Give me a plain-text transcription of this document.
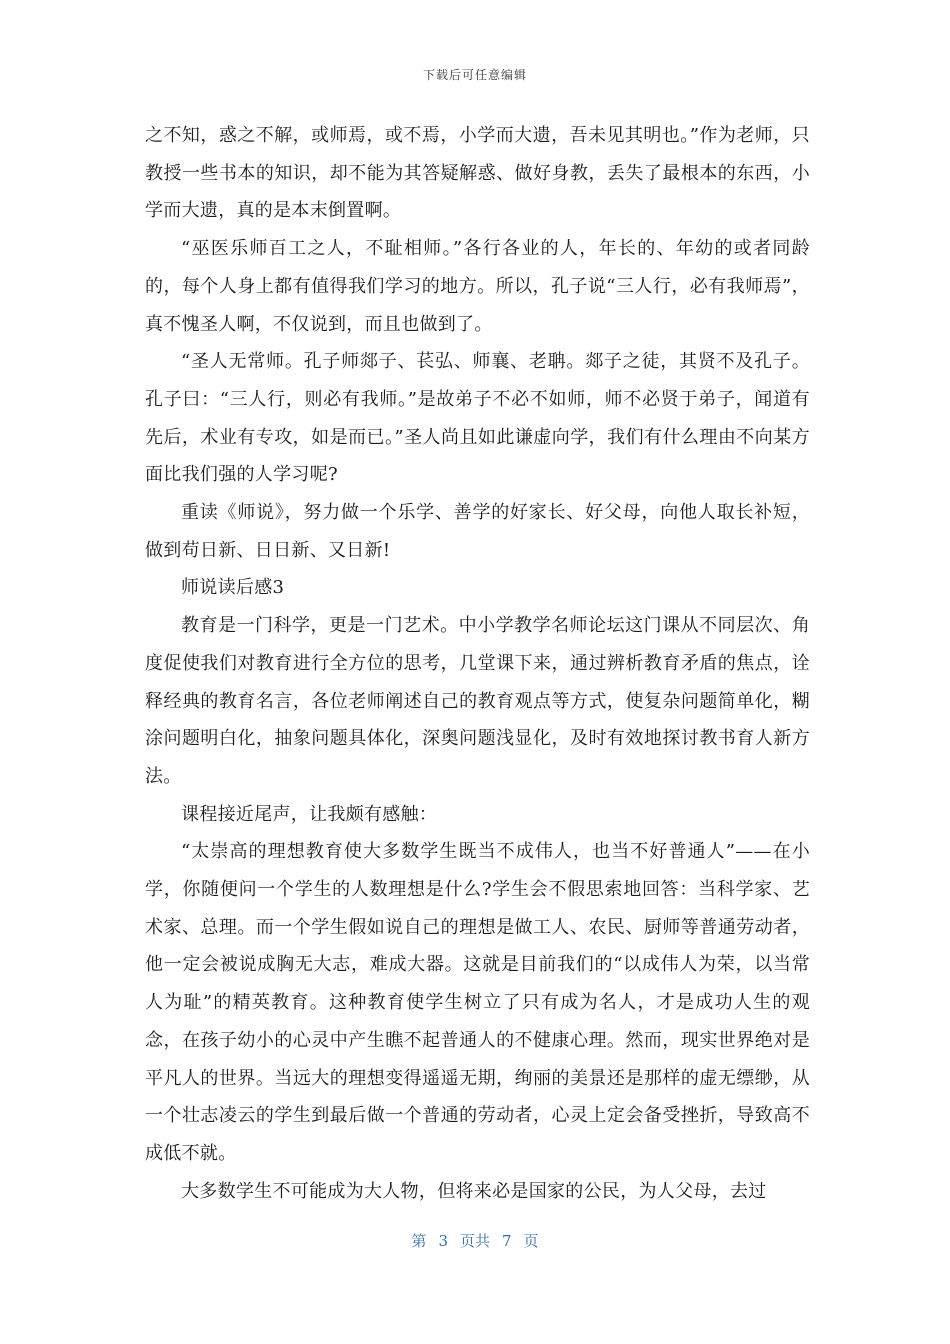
下载后可任意编辑

之不知，惑之不解，或师焉，或不焉，小学而大遗，吾未见其明也。”作为老师，只教授一些书本的知识，却不能为其答疑解惑、做好身教，丢失了最根本的东西，小学而大遗，真的是本末倒置啊。

“巫医乐师百工之人，不耻相师。”各行各业的人，年长的、年幼的或者同龄的，每个人身上都有值得我们学习的地方。所以，孔子说“三人行，必有我师焉”，真不愧圣人啊，不仅说到，而且也做到了。

“圣人无常师。孔子师郯子、苌弘、师襄、老聃。郯子之徒，其贤不及孔子。孔子曰：“三人行，则必有我师。”是故弟子不必不如师，师不必贤于弟子，闻道有先后，术业有专攻，如是而已。”圣人尚且如此谦虚向学，我们有什么理由不向某方面比我们强的人学习呢?

重读《师说》，努力做一个乐学、善学的好家长、好父母，向他人取长补短，做到苟日新、日日新、又日新!

师说读后感3

教育是一门科学，更是一门艺术。中小学教学名师论坛这门课从不同层次、角度促使我们对教育进行全方位的思考，几堂课下来，通过辨析教育矛盾的焦点，诠释经典的教育名言，各位老师阐述自己的教育观点等方式，使复杂问题简单化，糊涂问题明白化，抽象问题具体化，深奥问题浅显化，及时有效地探讨教书育人新方法。

课程接近尾声，让我颇有感触：

“太崇高的理想教育使大多数学生既当不成伟人，也当不好普通人”——在小学，你随便问一个学生的人数理想是什么?学生会不假思索地回答：当科学家、艺术家、总理。而一个学生假如说自己的理想是做工人、农民、厨师等普通劳动者，他一定会被说成胸无大志，难成大器。这就是目前我们的“以成伟人为荣，以当常人为耻”的精英教育。这种教育使学生树立了只有成为名人，才是成功人生的观念，在孩子幼小的心灵中产生瞧不起普通人的不健康心理。然而，现实世界绝对是平凡人的世界。当远大的理想变得遥遥无期，绚丽的美景还是那样的虚无缥缈，从一个壮志凌云的学生到最后做一个普通的劳动者，心灵上定会备受挫折，导致高不成低不就。

大多数学生不可能成为大人物，但将来必是国家的公民，为人父母，去过

第 3 页共 7 页
